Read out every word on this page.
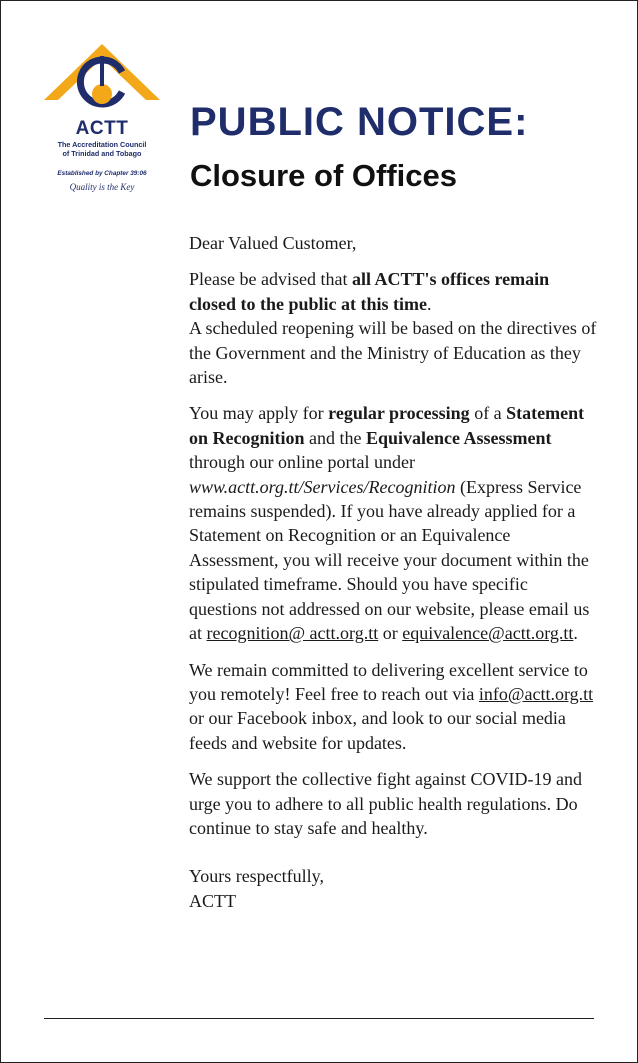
ACTT
The Accreditation Council
of Trinidad and Tobago
Established by Chapter 39:06
Quality is the Key
PUBLIC NOTICE:
Closure of Offices

Dear Valued Customer,

Please be advised that all ACTT's offices remain closed to the public at this time.
A scheduled reopening will be based on the directives of the Government and the Ministry of Education as they arise.

You may apply for regular processing of a Statement on Recognition and the Equivalence Assessment through our online portal under www.actt.org.tt/Services/Recognition (Express Service remains suspended). If you have already applied for a Statement on Recognition or an Equivalence Assessment, you will receive your document within the stipulated timeframe. Should you have specific questions not addressed on our website, please email us at recognition@ actt.org.tt or equivalence@actt.org.tt.

We remain committed to delivering excellent service to you remotely! Feel free to reach out via info@actt.org.tt or our Facebook inbox, and look to our social media feeds and website for updates.

We support the collective fight against COVID-19 and urge you to adhere to all public health regulations. Do continue to stay safe and healthy.

Yours respectfully,
ACTT
